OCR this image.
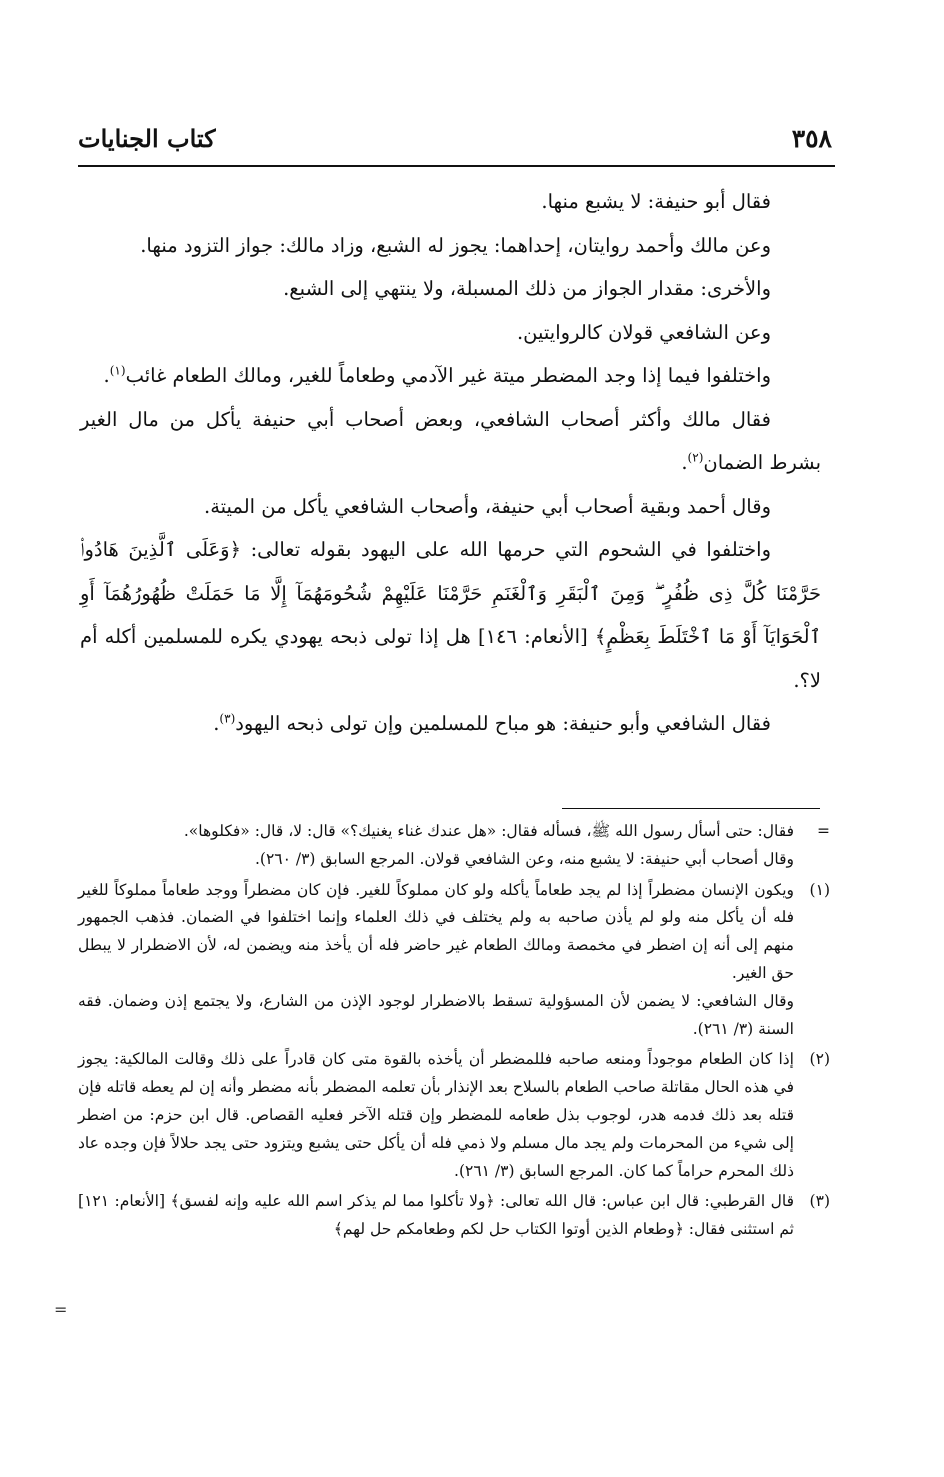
٣٥٨
كتاب الجنايات

فقال أبو حنيفة: لا يشبع منها.

وعن مالك وأحمد روايتان، إحداهما: يجوز له الشبع، وزاد مالك: جواز التزود منها.

والأخرى: مقدار الجواز من ذلك المسبلة، ولا ينتهي إلى الشبع.

وعن الشافعي قولان كالروايتين.

واختلفوا فيما إذا وجد المضطر ميتة غير الآدمي وطعاماً للغير، ومالك الطعام غائب$^{(١)}$.

فقال مالك وأكثر أصحاب الشافعي، وبعض أصحاب أبي حنيفة يأكل من مال الغير بشرط الضمان$^{(٢)}$.

وقال أحمد وبقية أصحاب أبي حنيفة، وأصحاب الشافعي يأكل من الميتة.

واختلفوا في الشحوم التي حرمها الله على اليهود بقوله تعالى: ﴿وَعَلَى ٱلَّذِينَ هَادُوا۟ حَرَّمْنَا كُلَّ ذِى ظُفُرٍ ۖ وَمِنَ ٱلْبَقَرِ وَٱلْغَنَمِ حَرَّمْنَا عَلَيْهِمْ شُحُومَهُمَآ إِلَّا مَا حَمَلَتْ ظُهُورُهُمَآ أَوِ ٱلْحَوَايَآ أَوْ مَا ٱخْتَلَطَ بِعَظْمٍ﴾ [الأنعام: ١٤٦] هل إذا تولى ذبحه يهودي يكره للمسلمين أكله أم لا؟.

فقال الشافعي وأبو حنيفة: هو مباح للمسلمين وإن تولى ذبحه اليهود$^{(٣)}$.

=

فقال: حتى أسأل رسول الله ﷺ، فسأله فقال: «هل عندك غناء يغنيك؟» قال: لا، قال: «فكلوها».

وقال أصحاب أبي حنيفة: لا يشبع منه، وعن الشافعي قولان. المرجع السابق (٣/ ٢٦٠).

(١)

ويكون الإنسان مضطراً إذا لم يجد طعاماً يأكله ولو كان مملوكاً للغير. فإن كان مضطراً ووجد طعاماً مملوكاً للغير فله أن يأكل منه ولو لم يأذن صاحبه به ولم يختلف في ذلك العلماء وإنما اختلفوا في الضمان. فذهب الجمهور منهم إلى أنه إن اضطر في مخمصة ومالك الطعام غير حاضر فله أن يأخذ منه ويضمن له، لأن الاضطرار لا يبطل حق الغير.

وقال الشافعي: لا يضمن لأن المسؤولية تسقط بالاضطرار لوجود الإذن من الشارع، ولا يجتمع إذن وضمان. فقه السنة (٣/ ٢٦١).

(٢)

إذا كان الطعام موجوداً ومنعه صاحبه فللمضطر أن يأخذه بالقوة متى كان قادراً على ذلك وقالت المالكية: يجوز في هذه الحال مقاتلة صاحب الطعام بالسلاح بعد الإنذار بأن تعلمه المضطر بأنه مضطر وأنه إن لم يعطه قاتله فإن قتله بعد ذلك فدمه هدر، لوجوب بذل طعامه للمضطر وإن قتله الآخر فعليه القصاص. قال ابن حزم: من اضطر إلى شيء من المحرمات ولم يجد مال مسلم ولا ذمي فله أن يأكل حتى يشبع ويتزود حتى يجد حلالاً فإن وجده عاد ذلك المحرم حراماً كما كان. المرجع السابق (٣/ ٢٦١).

(٣)

قال القرطبي: قال ابن عباس: قال الله تعالى: ﴿ولا تأكلوا مما لم يذكر اسم الله عليه وإنه لفسق﴾ [الأنعام: ١٢١] ثم استثنى فقال: ﴿وطعام الذين أوتوا الكتاب حل لكم وطعامكم حل لهم﴾

=
